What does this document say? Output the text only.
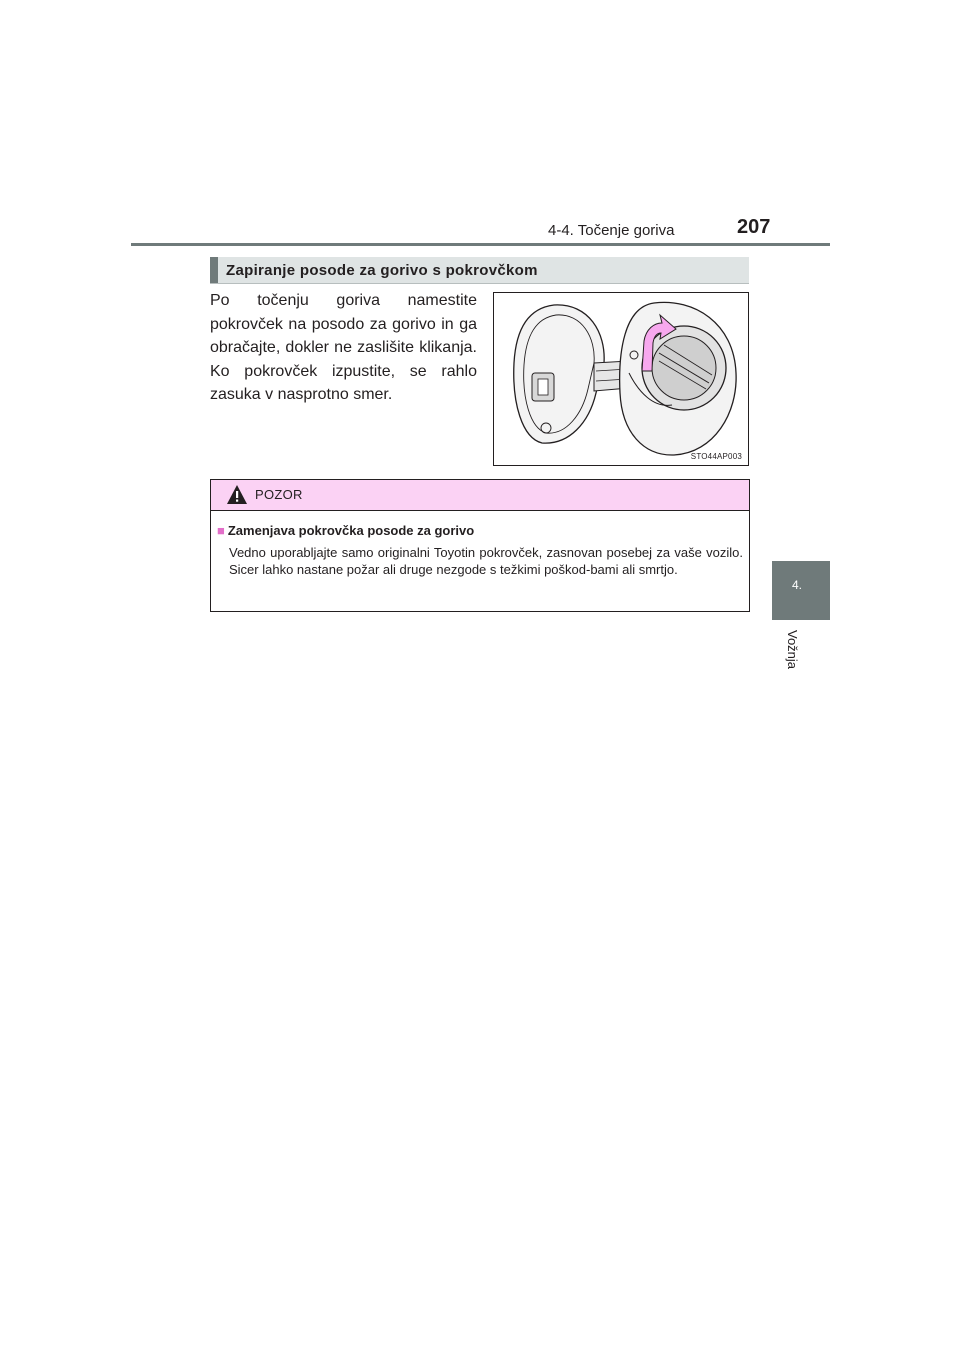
4-4. Točenje goriva	207
4.
Vožnja
Zapiranje posode za gorivo s pokrovčkom
Po točenju goriva namestite pokrovček na posodo za gorivo in ga obračajte, dokler ne zaslišite klikanja. Ko pokrovček izpustite, se rahlo zasuka v nasprotno smer.
STO44AP003
POZOR
■ Zamenjava pokrovčka posode za gorivo
Vedno uporabljajte samo originalni Toyotin pokrovček, zasnovan posebej za vaše vozilo. Sicer lahko nastane požar ali druge nezgode s težkimi poškod-bami ali smrtjo.
